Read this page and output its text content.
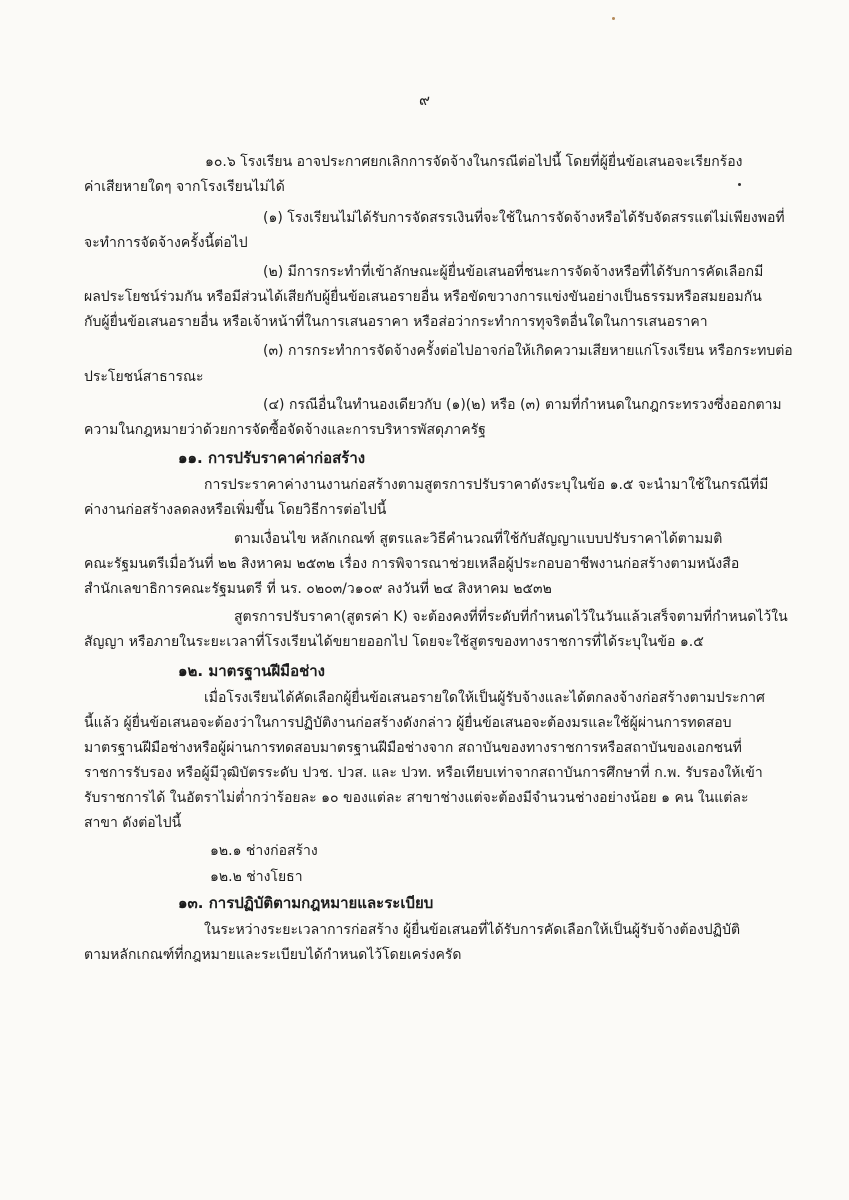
๙
๑๐.๖ โรงเรียน อาจประกาศยกเลิกการจัดจ้างในกรณีต่อไปนี้ โดยที่ผู้ยื่นข้อเสนอจะเรียกร้อง
ค่าเสียหายใดๆ จากโรงเรียนไม่ได้
(๑) โรงเรียนไม่ได้รับการจัดสรรเงินที่จะใช้ในการจัดจ้างหรือได้รับจัดสรรแต่ไม่เพียงพอที่
จะทำการจัดจ้างครั้งนี้ต่อไป
(๒) มีการกระทำที่เข้าลักษณะผู้ยื่นข้อเสนอที่ชนะการจัดจ้างหรือที่ได้รับการคัดเลือกมี
ผลประโยชน์ร่วมกัน หรือมีส่วนได้เสียกับผู้ยื่นข้อเสนอรายอื่น หรือขัดขวางการแข่งขันอย่างเป็นธรรมหรือสมยอมกัน
กับผู้ยื่นข้อเสนอรายอื่น หรือเจ้าหน้าที่ในการเสนอราคา หรือส่อว่ากระทำการทุจริตอื่นใดในการเสนอราคา
(๓) การกระทำการจัดจ้างครั้งต่อไปอาจก่อให้เกิดความเสียหายแก่โรงเรียน หรือกระทบต่อ
ประโยชน์สาธารณะ
(๔) กรณีอื่นในทำนองเดียวกับ (๑)(๒) หรือ (๓) ตามที่กำหนดในกฎกระทรวงซึ่งออกตาม
ความในกฎหมายว่าด้วยการจัดซื้อจัดจ้างและการบริหารพัสดุภาครัฐ
๑๑. การปรับราคาค่าก่อสร้าง
การประราคาค่างานงานก่อสร้างตามสูตรการปรับราคาดังระบุในข้อ ๑.๕ จะนำมาใช้ในกรณีที่มี
ค่างานก่อสร้างลดลงหรือเพิ่มขึ้น โดยวิธีการต่อไปนี้
ตามเงื่อนไข หลักเกณฑ์ สูตรและวิธีคำนวณที่ใช้กับสัญญาแบบปรับราคาได้ตามมติ
คณะรัฐมนตรีเมื่อวันที่ ๒๒ สิงหาคม ๒๕๓๒ เรื่อง การพิจารณาช่วยเหลือผู้ประกอบอาชีพงานก่อสร้างตามหนังสือ
สำนักเลขาธิการคณะรัฐมนตรี ที่ นร. ๐๒๐๓/ว๑๐๙ ลงวันที่ ๒๔ สิงหาคม ๒๕๓๒
สูตรการปรับราคา(สูตรค่า K) จะต้องคงที่ที่ระดับที่กำหนดไว้ในวันแล้วเสร็จตามที่กำหนดไว้ใน
สัญญา หรือภายในระยะเวลาที่โรงเรียนได้ขยายออกไป โดยจะใช้สูตรของทางราชการที่ได้ระบุในข้อ ๑.๕
๑๒. มาตรฐานฝีมือช่าง
เมื่อโรงเรียนได้คัดเลือกผู้ยื่นข้อเสนอรายใดให้เป็นผู้รับจ้างและได้ตกลงจ้างก่อสร้างตามประกาศ
นี้แล้ว ผู้ยื่นข้อเสนอจะต้องว่าในการปฏิบัติงานก่อสร้างดังกล่าว ผู้ยื่นข้อเสนอจะต้องมรและใช้ผู้ผ่านการทดสอบ
มาตรฐานฝีมือช่างหรือผู้ผ่านการทดสอบมาตรฐานฝีมือช่างจาก สถาบันของทางราชการหรือสถาบันของเอกชนที่
ราชการรับรอง หรือผู้มีวุฒิบัตรระดับ ปวช. ปวส. และ ปวท. หรือเทียบเท่าจากสถาบันการศึกษาที่ ก.พ. รับรองให้เข้า
รับราชการได้ ในอัตราไม่ต่ำกว่าร้อยละ ๑๐ ของแต่ละ สาขาช่างแต่จะต้องมีจำนวนช่างอย่างน้อย ๑ คน ในแต่ละ
สาขา ดังต่อไปนี้
๑๒.๑ ช่างก่อสร้าง
๑๒.๒ ช่างโยธา
๑๓. การปฏิบัติตามกฎหมายและระเบียบ
ในระหว่างระยะเวลาการก่อสร้าง ผู้ยื่นข้อเสนอที่ได้รับการคัดเลือกให้เป็นผู้รับจ้างต้องปฏิบัติ
ตามหลักเกณฑ์ที่กฎหมายและระเบียบได้กำหนดไว้โดยเคร่งครัด
